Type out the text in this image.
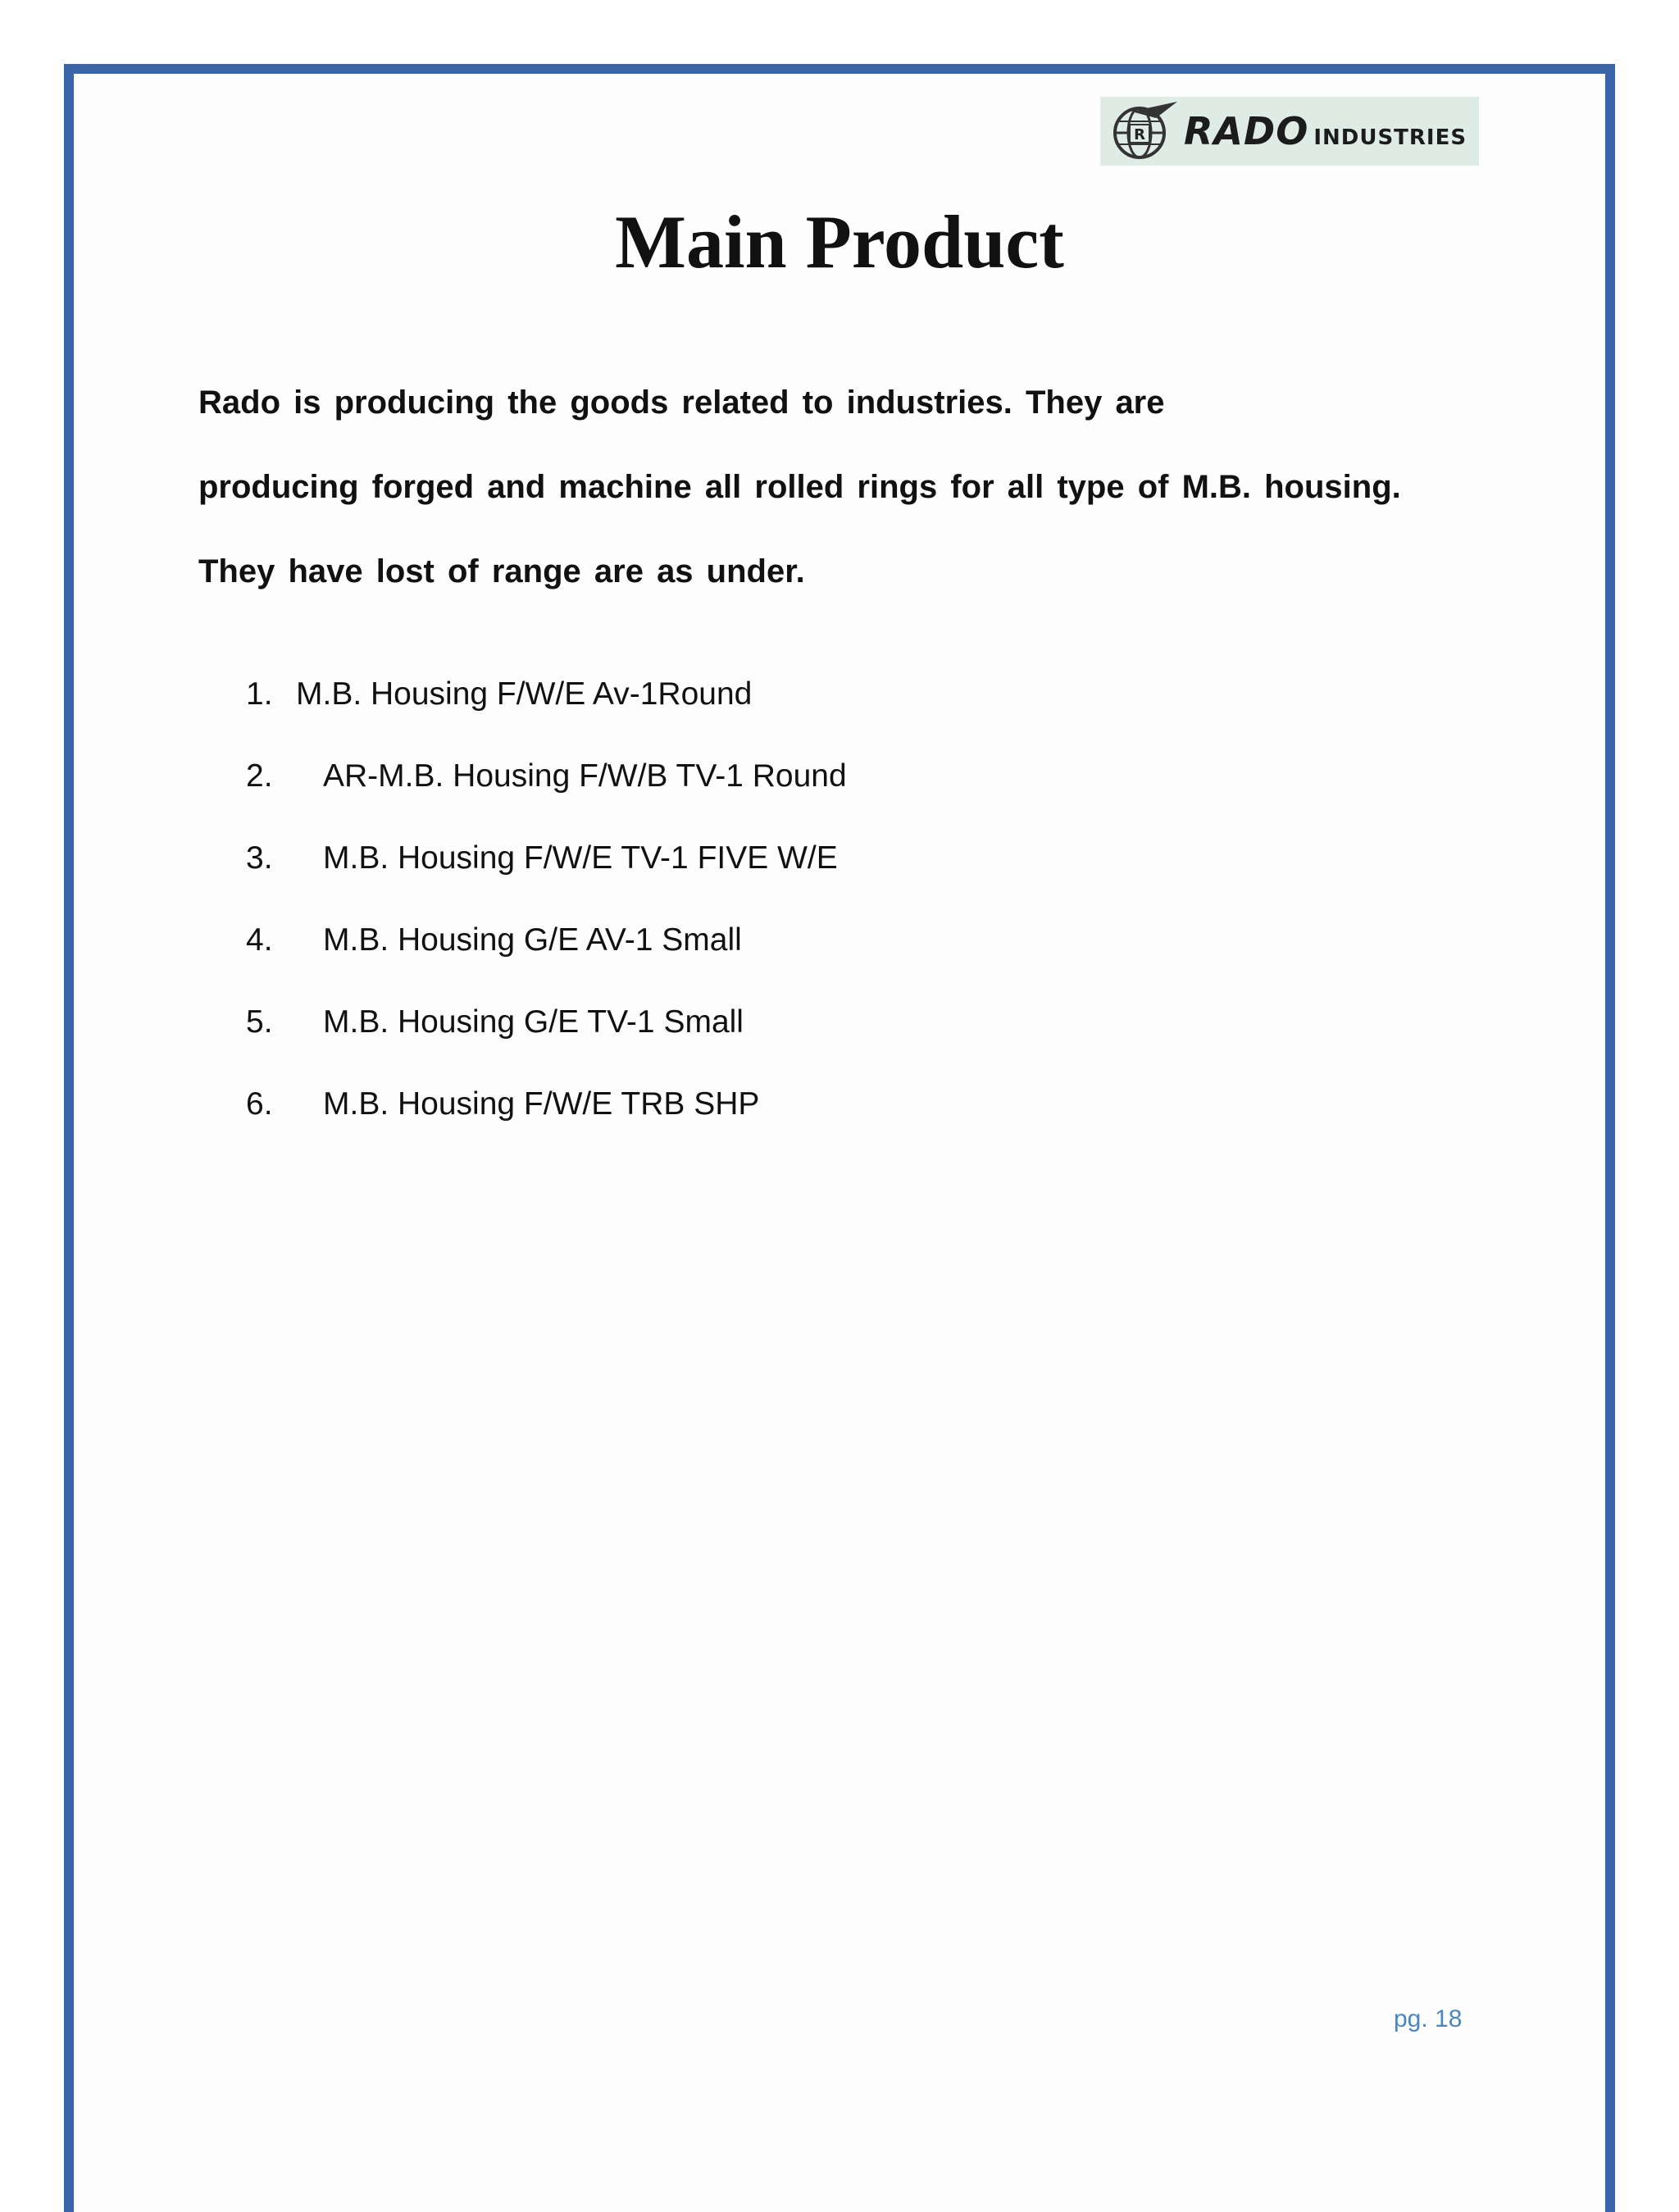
R RADO INDUSTRIES
Main Product

Rado is producing the goods related to industries. They are

producing forged and machine all rolled rings for all type of M.B. housing.

They have lost of range are as under.

1. M.B. Housing F/W/E Av-1Round
2.	AR-M.B. Housing F/W/B TV-1 Round
3.	M.B. Housing F/W/E TV-1 FIVE W/E
4.	M.B. Housing G/E AV-1 Small
5.	M.B. Housing G/E TV-1 Small
6.	M.B. Housing F/W/E TRB SHP
pg. 18
